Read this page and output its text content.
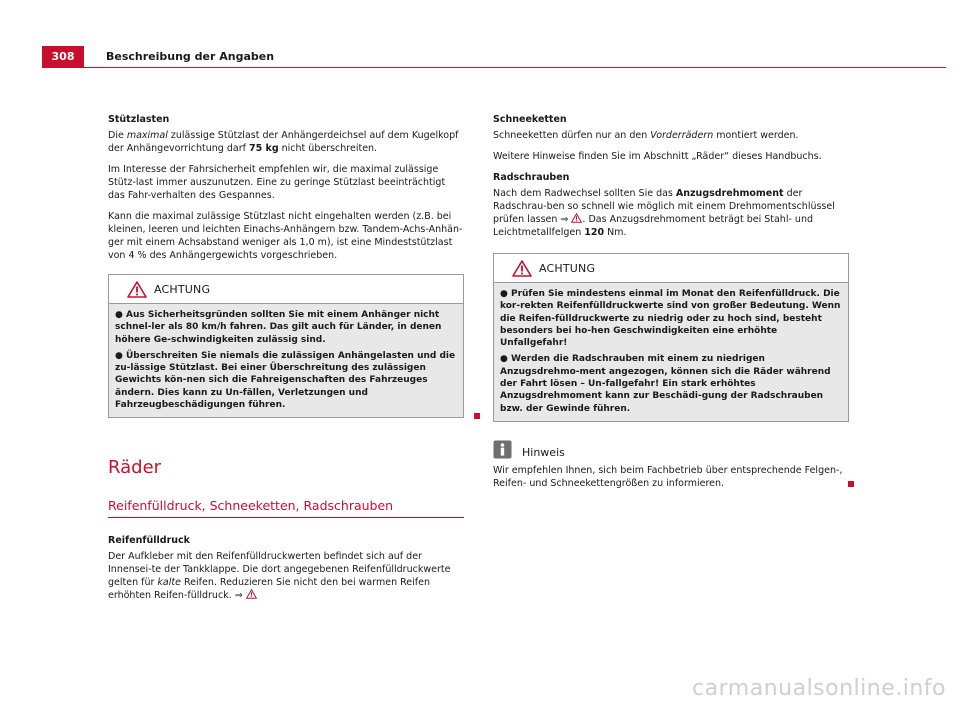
308	Beschreibung der Angaben
Stützlasten

Die maximal zulässige Stützlast der Anhängerdeichsel auf dem Kugelkopf der Anhängevorrichtung darf 75 kg nicht überschreiten.

Im Interesse der Fahrsicherheit empfehlen wir, die maximal zulässige Stütz-last immer auszunutzen. Eine zu geringe Stützlast beeinträchtigt das Fahr-verhalten des Gespannes.

Kann die maximal zulässige Stützlast nicht eingehalten werden (z.B. bei kleinen, leeren und leichten Einachs-Anhängern bzw. Tandem-Achs-Anhän-ger mit einem Achsabstand weniger als 1,0 m), ist eine Mindeststützlast von 4 % des Anhängergewichts vorgeschrieben.

ACHTUNG
● Aus Sicherheitsgründen sollten Sie mit einem Anhänger nicht schnel-ler als 80 km/h fahren. Das gilt auch für Länder, in denen höhere Ge-schwindigkeiten zulässig sind.
● Überschreiten Sie niemals die zulässigen Anhängelasten und die zu-lässige Stützlast. Bei einer Überschreitung des zulässigen Gewichts kön-nen sich die Fahreigenschaften des Fahrzeuges ändern. Dies kann zu Un-fällen, Verletzungen und Fahrzeugbeschädigungen führen.
Räder
Reifenfülldruck, Schneeketten, Radschrauben
Reifenfülldruck

Der Aufkleber mit den Reifenfülldruckwerten befindet sich auf der Innensei-te der Tankklappe. Die dort angegebenen Reifenfülldruckwerte gelten für kalte Reifen. Reduzieren Sie nicht den bei warmen Reifen erhöhten Reifen-fülldruck. ⇒

Schneeketten

Schneeketten dürfen nur an den Vorderrädern montiert werden.

Weitere Hinweise finden Sie im Abschnitt „Räder“ dieses Handbuchs.

Radschrauben

Nach dem Radwechsel sollten Sie das Anzugsdrehmoment der Radschrau-ben so schnell wie möglich mit einem Drehmomentschlüssel prüfen lassen ⇒ . Das Anzugsdrehmoment beträgt bei Stahl- und Leichtmetallfelgen 120 Nm.

ACHTUNG
● Prüfen Sie mindestens einmal im Monat den Reifenfülldruck. Die kor-rekten Reifenfülldruckwerte sind von großer Bedeutung. Wenn die Reifen-fülldruckwerte zu niedrig oder zu hoch sind, besteht besonders bei ho-hen Geschwindigkeiten eine erhöhte Unfallgefahr!
● Werden die Radschrauben mit einem zu niedrigen Anzugsdrehmo-ment angezogen, können sich die Räder während der Fahrt lösen – Un-fallgefahr! Ein stark erhöhtes Anzugsdrehmoment kann zur Beschädi-gung der Radschrauben bzw. der Gewinde führen.
Hinweis

Wir empfehlen Ihnen, sich beim Fachbetrieb über entsprechende Felgen-, Reifen- und Schneekettengrößen zu informieren.

carmanualsonline.info
